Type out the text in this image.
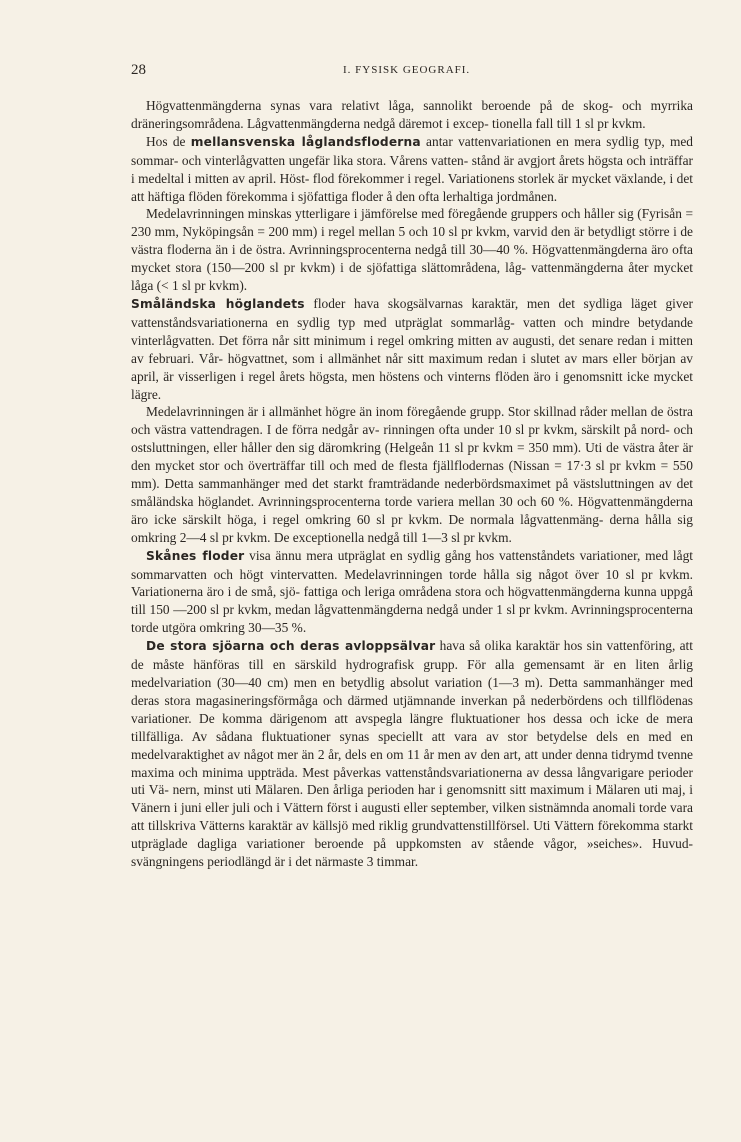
28	I. FYSISK GEOGRAFI.

Högvattenmängderna synas vara relativt låga, sannolikt beroende på de skog- och myrrika dräneringsområdena. Lågvattenmängderna nedgå däremot i excep- tionella fall till 1 sl pr kvkm.

Hos de mellansvenska låglandsfloderna antar vattenvariationen en mera sydlig typ, med sommar- och vinterlågvatten ungefär lika stora. Vårens vatten- stånd är avgjort årets högsta och inträffar i medeltal i mitten av april. Höst- flod förekommer i regel. Variationens storlek är mycket växlande, i det att häftiga flöden förekomma i sjöfattiga floder å den ofta lerhaltiga jordmånen.

Medelavrinningen minskas ytterligare i jämförelse med föregående gruppers och håller sig (Fyrisån = 230 mm, Nyköpingsån = 200 mm) i regel mellan 5 och 10 sl pr kvkm, varvid den är betydligt större i de västra floderna än i de östra. Avrinningsprocenterna nedgå till 30—40 %. Högvattenmängderna äro ofta mycket stora (150—200 sl pr kvkm) i de sjöfattiga slättområdena, låg- vattenmängderna åter mycket låga (< 1 sl pr kvkm).

Småländska höglandets floder hava skogsälvarnas karaktär, men det sydliga läget giver vattenståndsvariationerna en sydlig typ med utpräglat sommarlåg- vatten och mindre betydande vinterlågvatten. Det förra når sitt minimum i regel omkring mitten av augusti, det senare redan i mitten av februari. Vår- högvattnet, som i allmänhet når sitt maximum redan i slutet av mars eller början av april, är visserligen i regel årets högsta, men höstens och vinterns flöden äro i genomsnitt icke mycket lägre.

Medelavrinningen är i allmänhet högre än inom föregående grupp. Stor skillnad råder mellan de östra och västra vattendragen. I de förra nedgår av- rinningen ofta under 10 sl pr kvkm, särskilt på nord- och ostsluttningen, eller håller den sig däromkring (Helgeån 11 sl pr kvkm = 350 mm). Uti de västra åter är den mycket stor och överträffar till och med de flesta fjällflodernas (Nissan = 17·3 sl pr kvkm = 550 mm). Detta sammanhänger med det starkt framträdande nederbördsmaximet på västsluttningen av det småländska höglandet. Avrinningsprocenterna torde variera mellan 30 och 60 %. Högvattenmängderna äro icke särskilt höga, i regel omkring 60 sl pr kvkm. De normala lågvattenmäng- derna hålla sig omkring 2—4 sl pr kvkm. De exceptionella nedgå till 1—3 sl pr kvkm.

Skånes floder visa ännu mera utpräglat en sydlig gång hos vattenståndets variationer, med lågt sommarvatten och högt vintervatten. Medelavrinningen torde hålla sig något över 10 sl pr kvkm. Variationerna äro i de små, sjö- fattiga och leriga områdena stora och högvattenmängderna kunna uppgå till 150 —200 sl pr kvkm, medan lågvattenmängderna nedgå under 1 sl pr kvkm. Avrinningsprocenterna torde utgöra omkring 30—35 %.

De stora sjöarna och deras avloppsälvar hava så olika karaktär hos sin vattenföring, att de måste hänföras till en särskild hydrografisk grupp. För alla gemensamt är en liten årlig medelvariation (30—40 cm) men en betydlig absolut variation (1—3 m). Detta sammanhänger med deras stora magasineringsförmåga och därmed utjämnande inverkan på nederbördens och tillflödenas variationer. De komma därigenom att avspegla längre fluktuationer hos dessa och icke de mera tillfälliga. Av sådana fluktuationer synas speciellt att vara av stor betydelse dels en med en medelvaraktighet av något mer än 2 år, dels en om 11 år men av den art, att under denna tidrymd tvenne maxima och minima uppträda. Mest påverkas vattenståndsvariationerna av dessa långvarigare perioder uti Vä- nern, minst uti Mälaren. Den årliga perioden har i genomsnitt sitt maximum i Mälaren uti maj, i Vänern i juni eller juli och i Vättern först i augusti eller september, vilken sistnämnda anomali torde vara att tillskriva Vätterns karaktär av källsjö med riklig grundvattenstillförsel. Uti Vättern förekomma starkt utpräglade dagliga variationer beroende på uppkomsten av stående vågor, »seiches». Huvud- svängningens periodlängd är i det närmaste 3 timmar.
